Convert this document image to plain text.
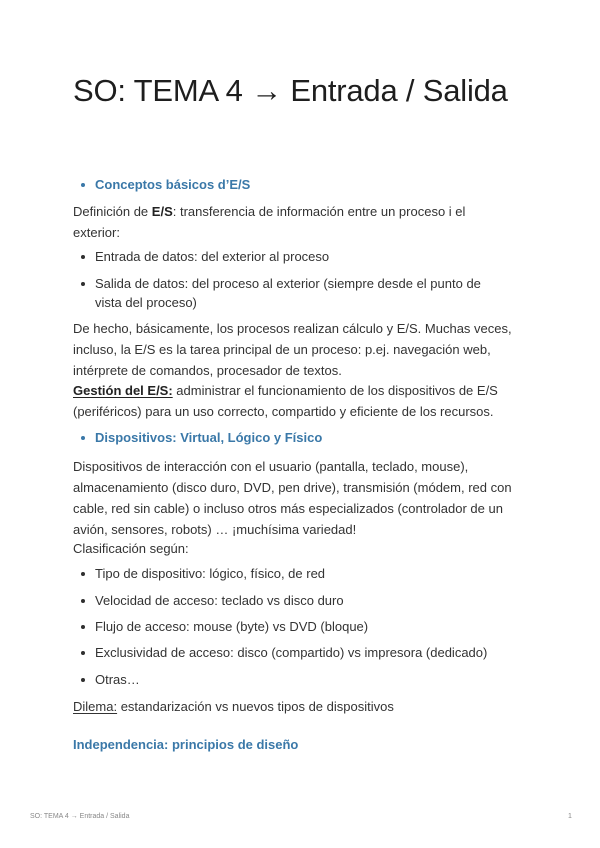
SO: TEMA 4 → Entrada / Salida

Conceptos básicos d’E/S

Definición de E/S: transferencia de información entre un proceso i el exterior:

Entrada de datos: del exterior al proceso

Salida de datos: del proceso al exterior (siempre desde el punto de vista del proceso)

De hecho, básicamente, los procesos realizan cálculo y E/S. Muchas veces, incluso, la E/S es la tarea principal de un proceso: p.ej. navegación web, intérprete de comandos, procesador de textos.

Gestión del E/S: administrar el funcionamiento de los dispositivos de E/S (periféricos) para un uso correcto, compartido y eficiente de los recursos.

Dispositivos: Virtual, Lógico y Físico

Dispositivos de interacción con el usuario (pantalla, teclado, mouse), almacenamiento (disco duro, DVD, pen drive), transmisión (módem, red con cable, red sin cable) o incluso otros más especializados (controlador de un avión, sensores, robots) … ¡muchísima variedad!

Clasificación según:

Tipo de dispositivo: lógico, físico, de red

Velocidad de acceso: teclado vs disco duro

Flujo de acceso: mouse (byte) vs DVD (bloque)

Exclusividad de acceso: disco (compartido) vs impresora (dedicado)

Otras…

Dilema: estandarización vs nuevos tipos de dispositivos

Independencia: principios de diseño

SO: TEMA 4 → Entrada / Salida	1
